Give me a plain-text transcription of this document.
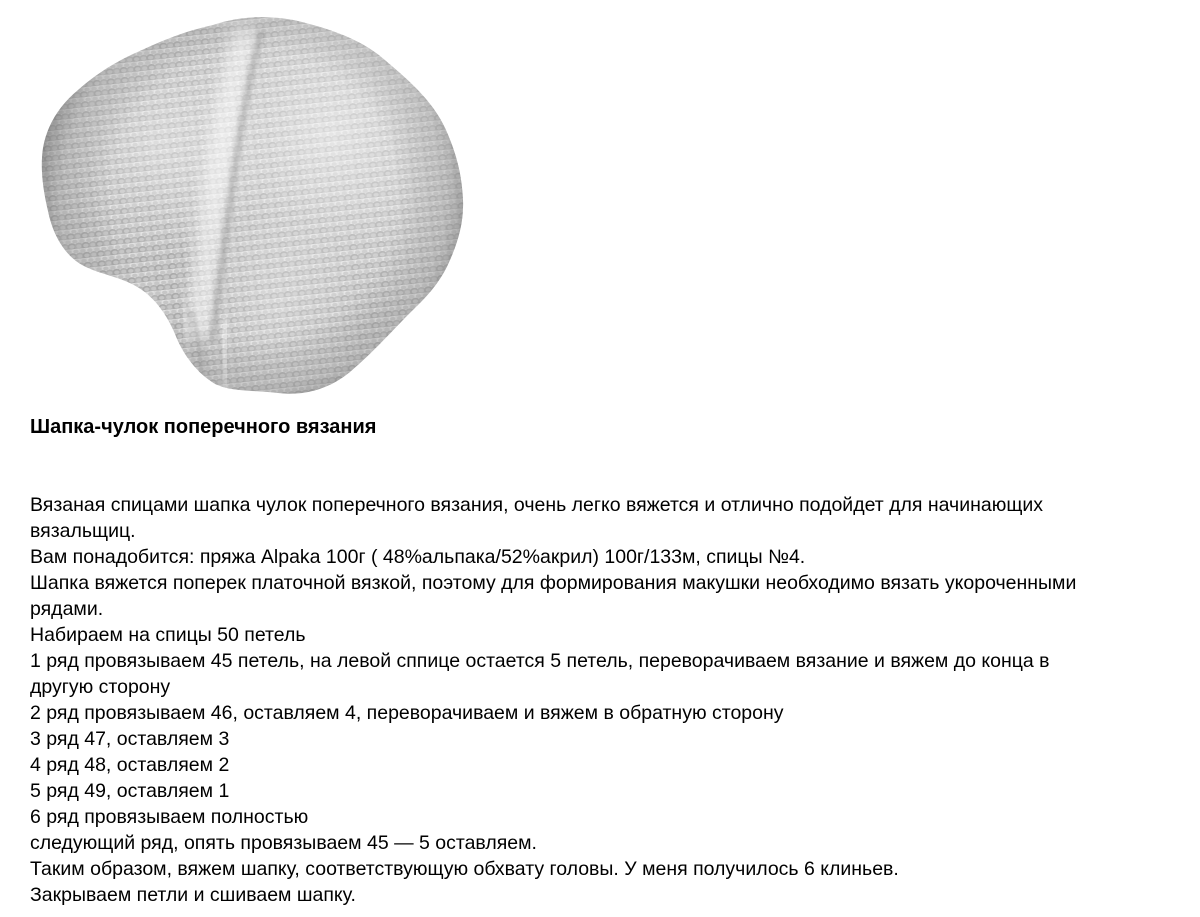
Шапка-чулок поперечного вязания
Вязаная спицами шапка чулок поперечного вязания, очень легко вяжется и отлично подойдет для начинающих
вязальщиц.
Вам понадобится: пряжа Alpaka 100г ( 48%альпака/52%акрил) 100г/133м, спицы №4.
Шапка вяжется поперек платочной вязкой, поэтому для формирования макушки необходимо вязать укороченными
рядами.
Набираем на спицы 50 петель
1 ряд провязываем 45 петель, на левой сппице остается 5 петель, переворачиваем вязание и вяжем до конца в
другую сторону
2 ряд провязываем 46, оставляем 4, переворачиваем и вяжем в обратную сторону
3 ряд 47, оставляем 3
4 ряд 48, оставляем 2
5 ряд 49, оставляем 1
6 ряд провязываем полностью
следующий ряд, опять провязываем 45 — 5 оставляем.
Таким образом, вяжем шапку, соответствующую обхвату головы. У меня получилось 6 клиньев.
Закрываем петли и сшиваем шапку.
